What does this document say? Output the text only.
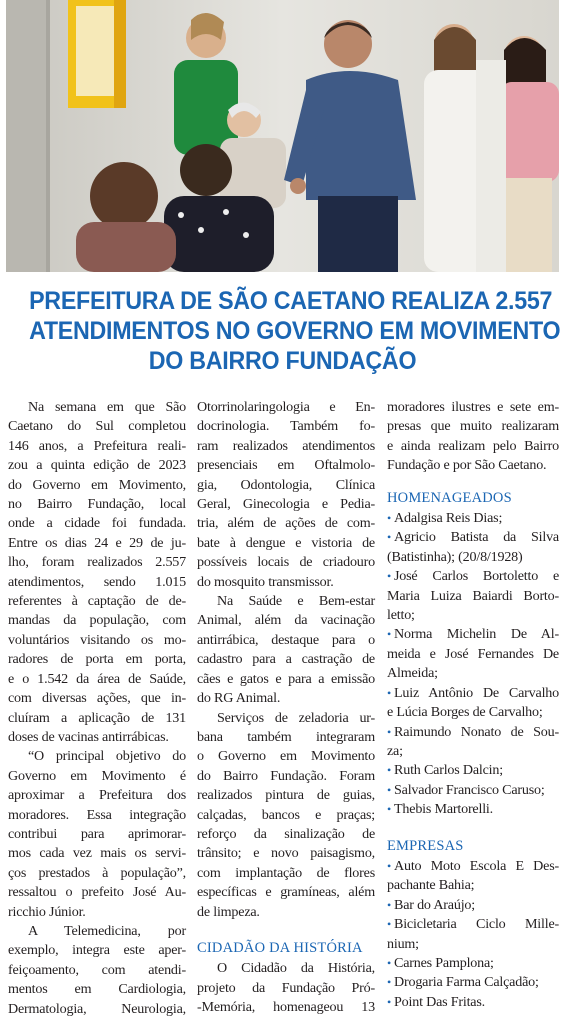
PREFEITURA DE SÃO CAETANO REALIZA 2.557
ATENDIMENTOS NO GOVERNO EM MOVIMENTO
DO BAIRRO FUNDAÇÃO
Na semana em que São
Caetano do Sul completou
146 anos, a Prefeitura reali-
zou a quinta edição de 2023
do Governo em Movimento,
no Bairro Fundação, local
onde a cidade foi fundada.
Entre os dias 24 e 29 de ju-
lho, foram realizados 2.557
atendimentos, sendo 1.015
referentes à captação de de-
mandas da população, com
voluntários visitando os mo-
radores de porta em porta,
e o 1.542 da área de Saúde,
com diversas ações, que in-
cluíram a aplicação de 131
doses de vacinas antirrábicas.
“O principal objetivo do
Governo em Movimento é
aproximar a Prefeitura dos
moradores. Essa integração
contribui para aprimorar-
mos cada vez mais os servi-
ços prestados à população”,
ressaltou o prefeito José Au-
ricchio Júnior.
A Telemedicina, por
exemplo, integra este aper-
feiçoamento, com atendi-
mentos em Cardiologia,
Dermatologia, Neurologia,
Otorrinolaringologia e En-
docrinologia. Também fo-
ram realizados atendimentos
presenciais em Oftalmolo-
gia, Odontologia, Clínica
Geral, Ginecologia e Pedia-
tria, além de ações de com-
bate à dengue e vistoria de
possíveis locais de criadouro
do mosquito transmissor.
Na Saúde e Bem-estar
Animal, além da vacinação
antirrábica, destaque para o
cadastro para a castração de
cães e gatos e para a emissão
do RG Animal.
Serviços de zeladoria ur-
bana também integraram
o Governo em Movimento
do Bairro Fundação. Foram
realizados pintura de guias,
calçadas, bancos e praças;
reforço da sinalização de
trânsito; e novo paisagismo,
com implantação de flores
específicas e gramíneas, além
de limpeza.
CIDADÃO DA HISTÓRIA
O Cidadão da História,
projeto da Fundação Pró-
-Memória, homenageou 13
moradores ilustres e sete em-
presas que muito realizaram
e ainda realizam pelo Bairro
Fundação e por São Caetano.
HOMENAGEADOS
• Adalgisa Reis Dias;
• Agricio Batista da Silva
(Batistinha); (20/8/1928)
• José Carlos Bortoletto e
Maria Luiza Baiardi Borto-
letto;
• Norma Michelin De Al-
meida e José Fernandes De
Almeida;
• Luiz Antônio De Carvalho
e Lúcia Borges de Carvalho;
• Raimundo Nonato de Sou-
za;
• Ruth Carlos Dalcin;
• Salvador Francisco Caruso;
• Thebis Martorelli.
EMPRESAS
• Auto Moto Escola E Des-
pachante Bahia;
• Bar do Araújo;
• Bicicletaria Ciclo Mille-
nium;
• Carnes Pamplona;
• Drogaria Farma Calçadão;
• Point Das Fritas.
